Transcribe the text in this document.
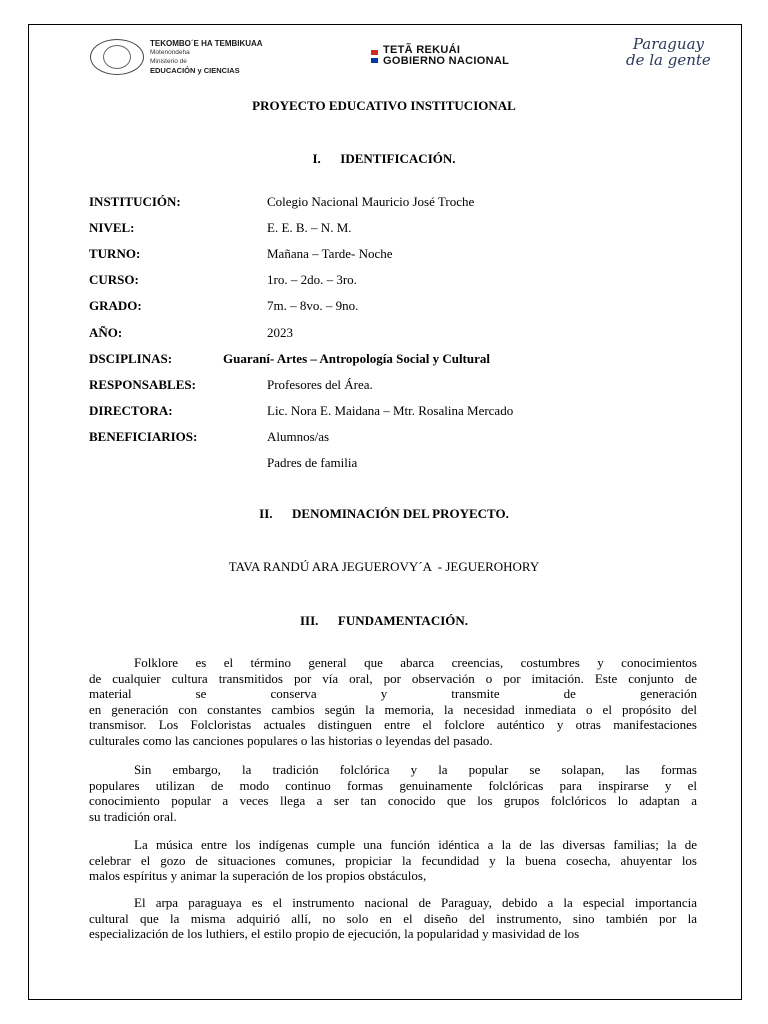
TEKOMBO´E HA TEMBIKUAA
Motenondeha
Ministerio de
EDUCACIÓN y CIENCIAS
TETÃ REKUÁI
GOBIERNO NACIONAL
Paraguay
de la gente
PROYECTO EDUCATIVO INSTITUCIONAL
I.      IDENTIFICACIÓN.
INSTITUCIÓN:	Colegio Nacional Mauricio José Troche
NIVEL:	E. E. B. – N. M.
TURNO:	Mañana – Tarde- Noche
CURSO:	1ro. – 2do. – 3ro.
GRADO:	7m. – 8vo. – 9no.
AÑO:	2023
DSCIPLINAS:	Guaraní- Artes – Antropología Social y Cultural
RESPONSABLES:	Profesores del Área.
DIRECTORA:	Lic. Nora E. Maidana – Mtr. Rosalina Mercado
BENEFICIARIOS:	Alumnos/as
Padres de familia
II.      DENOMINACIÓN DEL PROYECTO.
TAVA RANDÚ ARA JEGUEROVY´A  - JEGUEROHORY
III.      FUNDAMENTACIÓN.
Folklore es el término general que abarca creencias, costumbres y conocimientos
de cualquier cultura transmitidos por vía oral, por observación o por imitación. Este conjunto de
material se conserva y transmite de generación
en generación con constantes cambios según la memoria, la necesidad inmediata o el propósito del
transmisor. Los Folcloristas actuales distinguen entre el folclore auténtico y otras manifestaciones
culturales como las canciones populares o las historias o leyendas del pasado.
Sin embargo, la tradición folclórica y la popular se solapan, las formas
populares utilizan de modo continuo formas genuinamente folclóricas para inspirarse y el
conocimiento popular a veces llega a ser tan conocido que los grupos folclóricos lo adaptan a
su tradición oral.
La música entre los indígenas cumple una función idéntica a la de las diversas familias; la de
celebrar el gozo de situaciones comunes, propiciar la fecundidad y la buena cosecha, ahuyentar los
malos espíritus y animar la superación de los propios obstáculos,
El arpa paraguaya es el instrumento nacional de Paraguay, debido a la especial importancia
cultural que la misma adquirió allí, no solo en el diseño del instrumento, sino también por la
especialización de los luthiers, el estilo propio de ejecución, la popularidad y masividad de los
